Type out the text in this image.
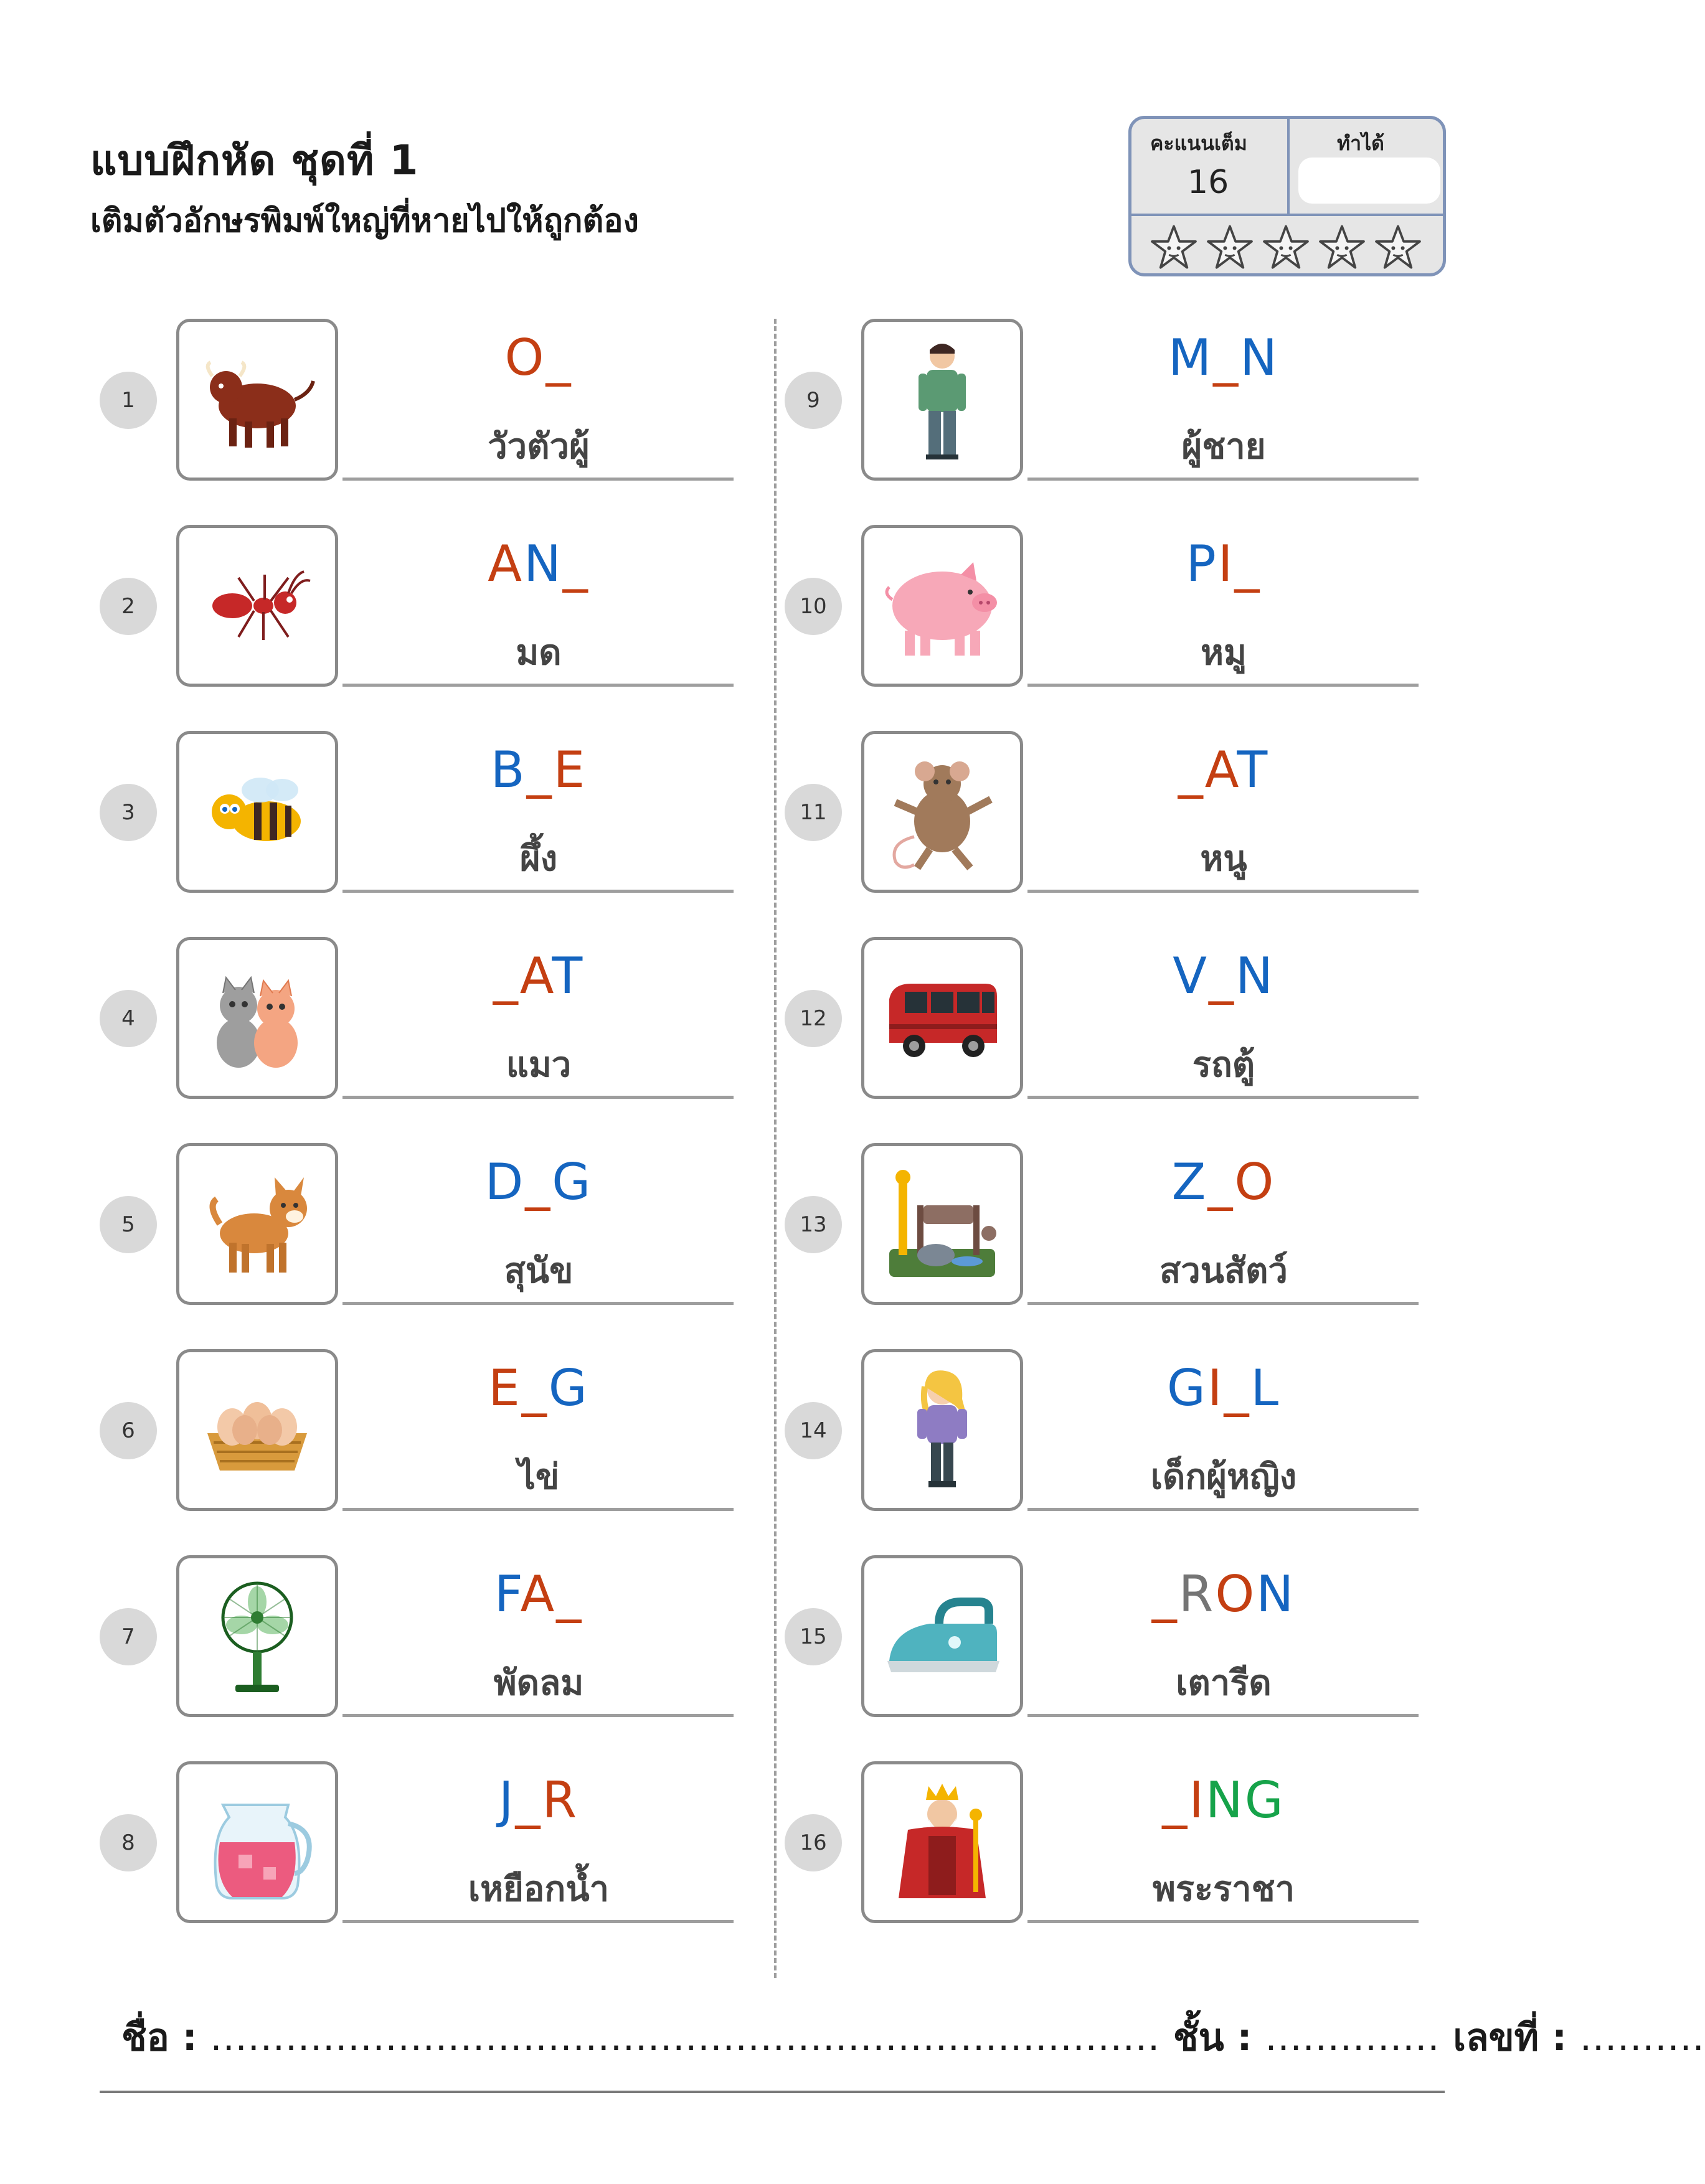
แบบฝึกหัด ชุดที่ 1
เติมตัวอักษรพิมพ์ใหญ่ที่หายไปให้ถูกต้อง
คะแนนเต็ม	ทำได้
16
1
O_
วัวตัวผู้
2
AN_
มด
3
B_E
ผึ้ง
4
_AT
แมว
5
D_G
สุนัข
6
E_G
ไข่
7
FA_
พัดลม
8
J_R
เหยือกน้ำ
9
M_N
ผู้ชาย
10
PI_
หมู
11
_AT
หนู
12
V_N
รถตู้
13
Z_O
สวนสัตว์
14
GI_L
เด็กผู้หญิง
15
_RON
เตารีด
16
_ING
พระราชา
ชื่อ : ............................................................................ ชั้น : .............. เลขที่ : ..........
